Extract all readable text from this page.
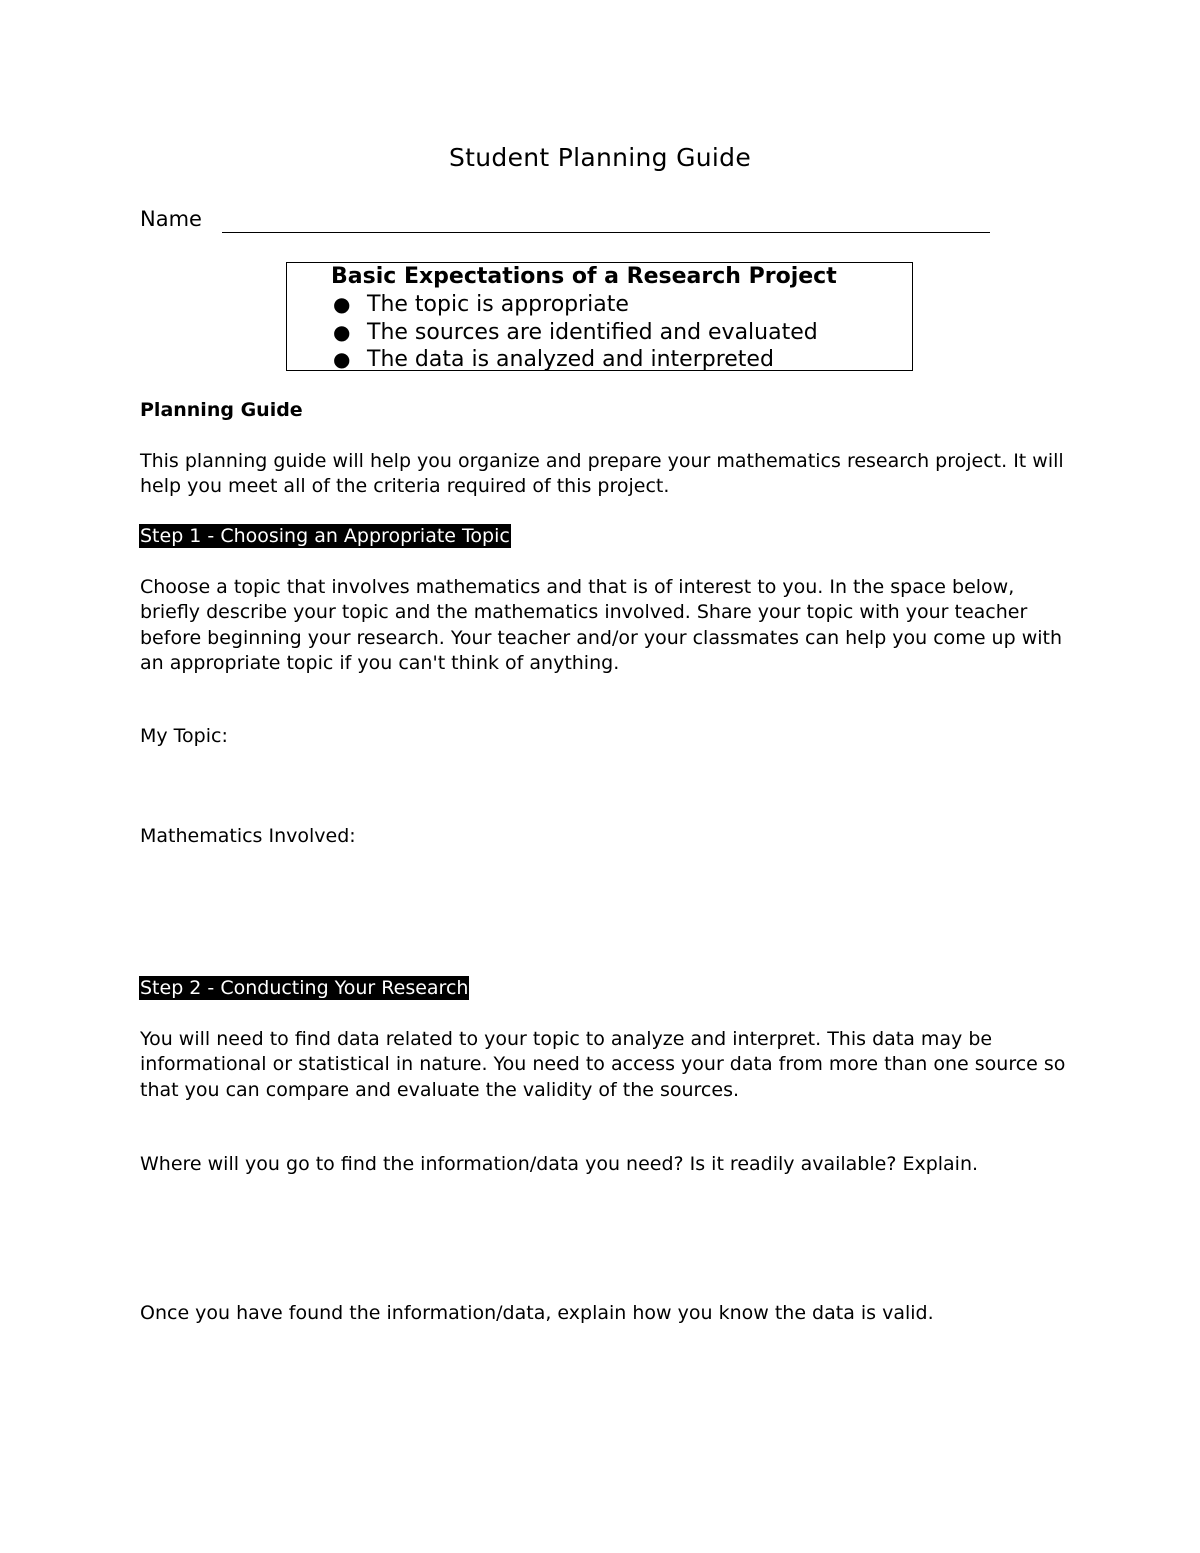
Student Planning Guide
Name
Basic Expectations of a Research Project
● The topic is appropriate
● The sources are identified and evaluated
● The data is analyzed and interpreted
Planning Guide

This planning guide will help you organize and prepare your mathematics research project. It will help you meet all of the criteria required of this project.

Step 1 - Choosing an Appropriate Topic

Choose a topic that involves mathematics and that is of interest to you. In the space below, briefly describe your topic and the mathematics involved. Share your topic with your teacher before beginning your research. Your teacher and/or your classmates can help you come up with an appropriate topic if you can't think of anything.

My Topic:
Mathematics Involved:
Step 2 - Conducting Your Research

You will need to find data related to your topic to analyze and interpret. This data may be informational or statistical in nature. You need to access your data from more than one source so that you can compare and evaluate the validity of the sources.

Where will you go to find the information/data you need? Is it readily available? Explain.

Once you have found the information/data, explain how you know the data is valid.
